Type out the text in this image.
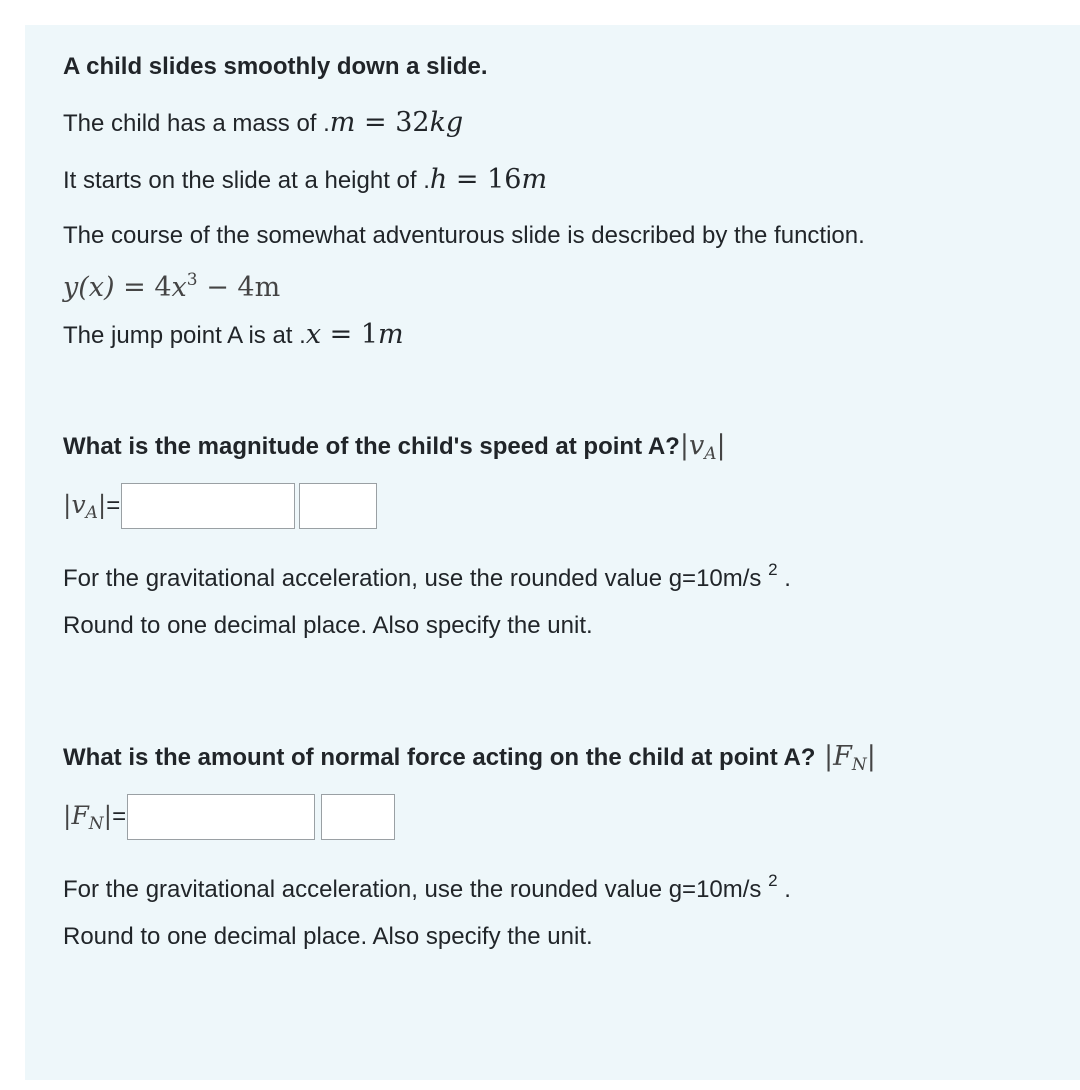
A child slides smoothly down a slide.
The child has a mass of .m = 32kg
It starts on the slide at a height of .h = 16m
The course of the somewhat adventurous slide is described by the function.
$y(x) = 4x^3 - 4m$
The jump point A is at .x = 1m
What is the magnitude of the child's speed at point $A?|v_A|$
$|v_A|$ =
For the gravitational acceleration, use the rounded value g=10m/s $^2$ .
Round to one decimal place. Also specify the unit.
What is the amount of normal force acting on the child at point A? $|F_N|$
$|F_N|$ =
For the gravitational acceleration, use the rounded value g=10m/s $^2$ .
Round to one decimal place. Also specify the unit.
